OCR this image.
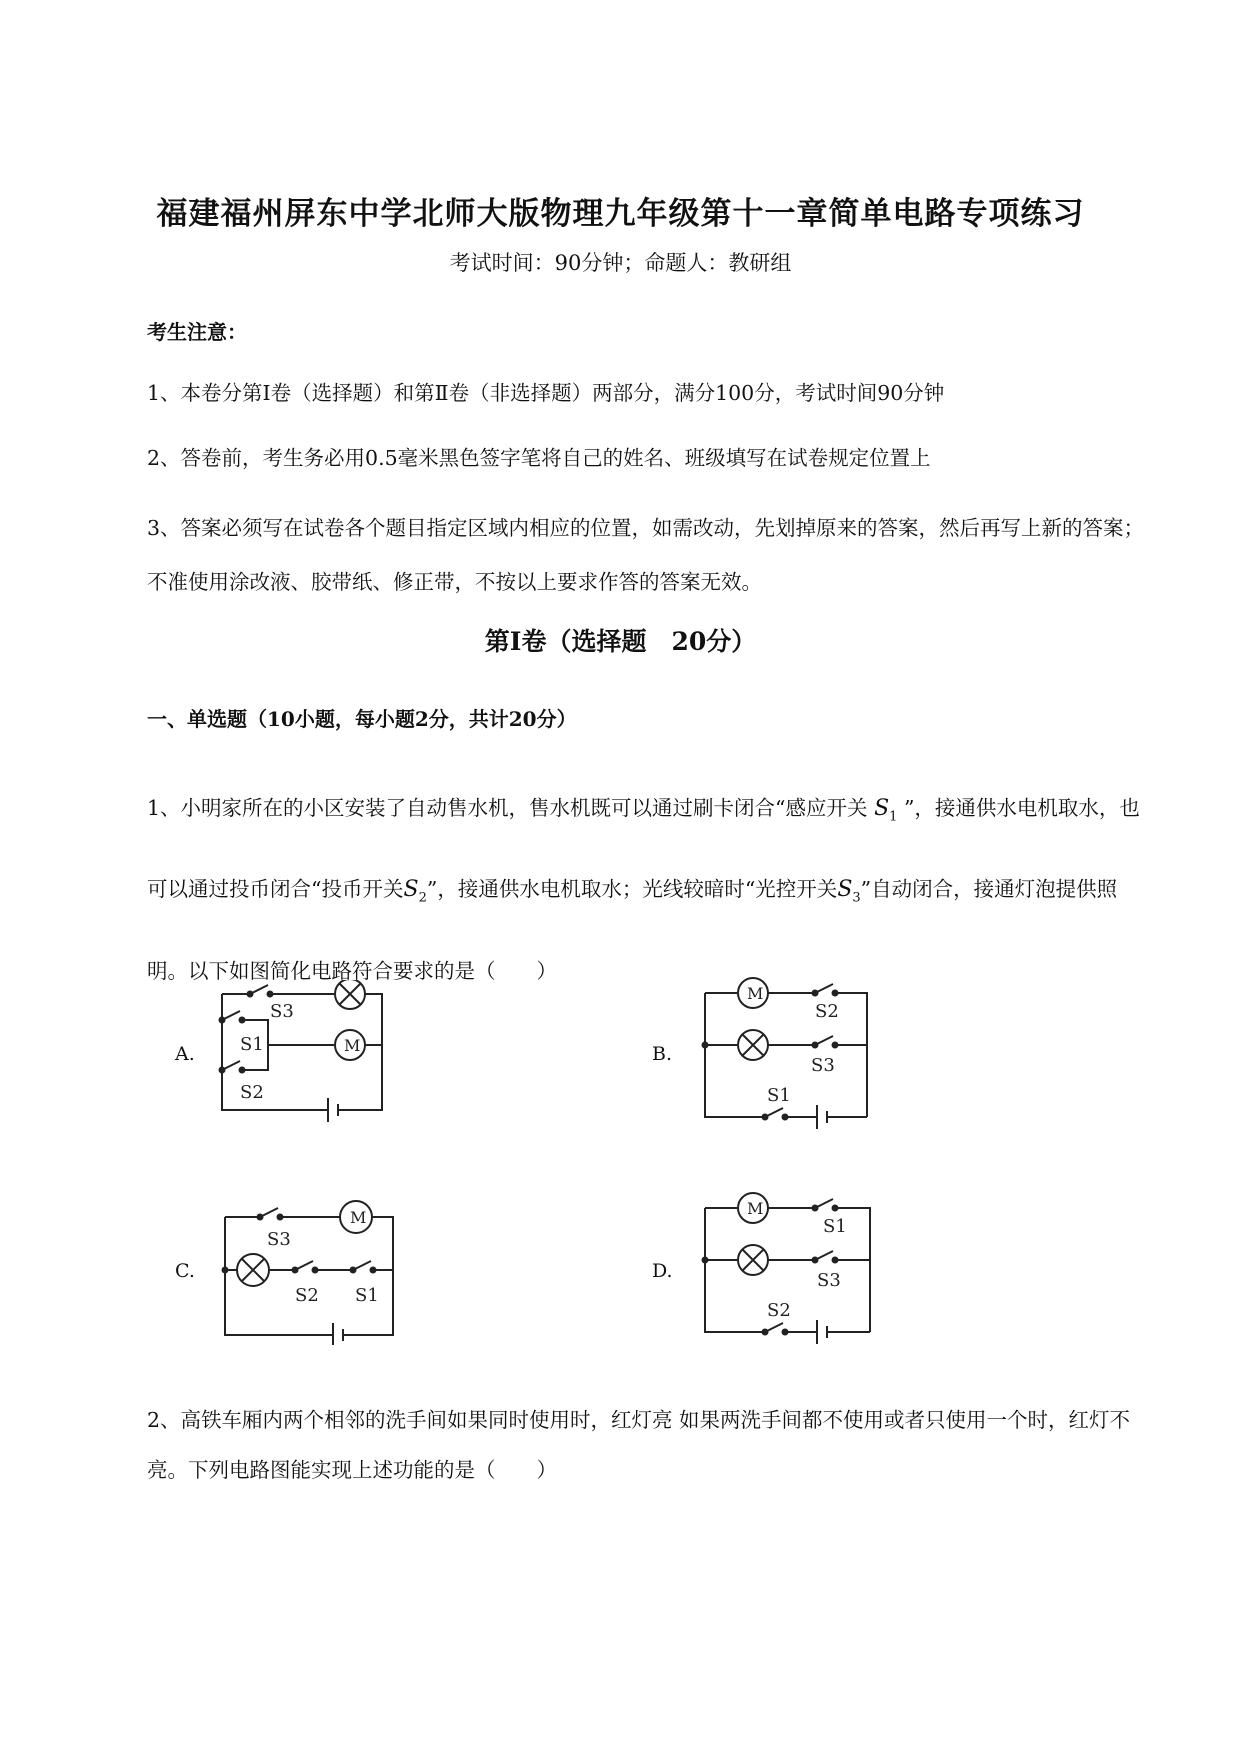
福建福州屏东中学北师大版物理九年级第十一章简单电路专项练习
考试时间：90分钟；命题人：教研组
考生注意：
1、本卷分第I卷（选择题）和第Ⅱ卷（非选择题）两部分，满分100分，考试时间90分钟
2、答卷前，考生务必用0.5毫米黑色签字笔将自己的姓名、班级填写在试卷规定位置上
3、答案必须写在试卷各个题目指定区域内相应的位置，如需改动，先划掉原来的答案，然后再写上新的答案；不准使用涂改液、胶带纸、修正带，不按以上要求作答的答案无效。
第I卷（选择题　20分）
一、单选题（10小题，每小题2分，共计20分）
1、小明家所在的小区安装了自动售水机，售水机既可以通过刷卡闭合“感应开关 $S_1$ ”，接通供水电机取水，也可以通过投币闭合“投币开关$S_2$”，接通供水电机取水；光线较暗时“光控开关$S_3$”自动闭合，接通灯泡提供照明。以下如图简化电路符合要求的是（　　）
A.	M
S3
S1
S2
B.
M
S2
S3
S1
C.
M
S3
S2 S1
D.
M
S1
S3
S2
2、高铁车厢内两个相邻的洗手间如果同时使用时，红灯亮 如果两洗手间都不使用或者只使用一个时，红灯不亮。下列电路图能实现上述功能的是（　　）
